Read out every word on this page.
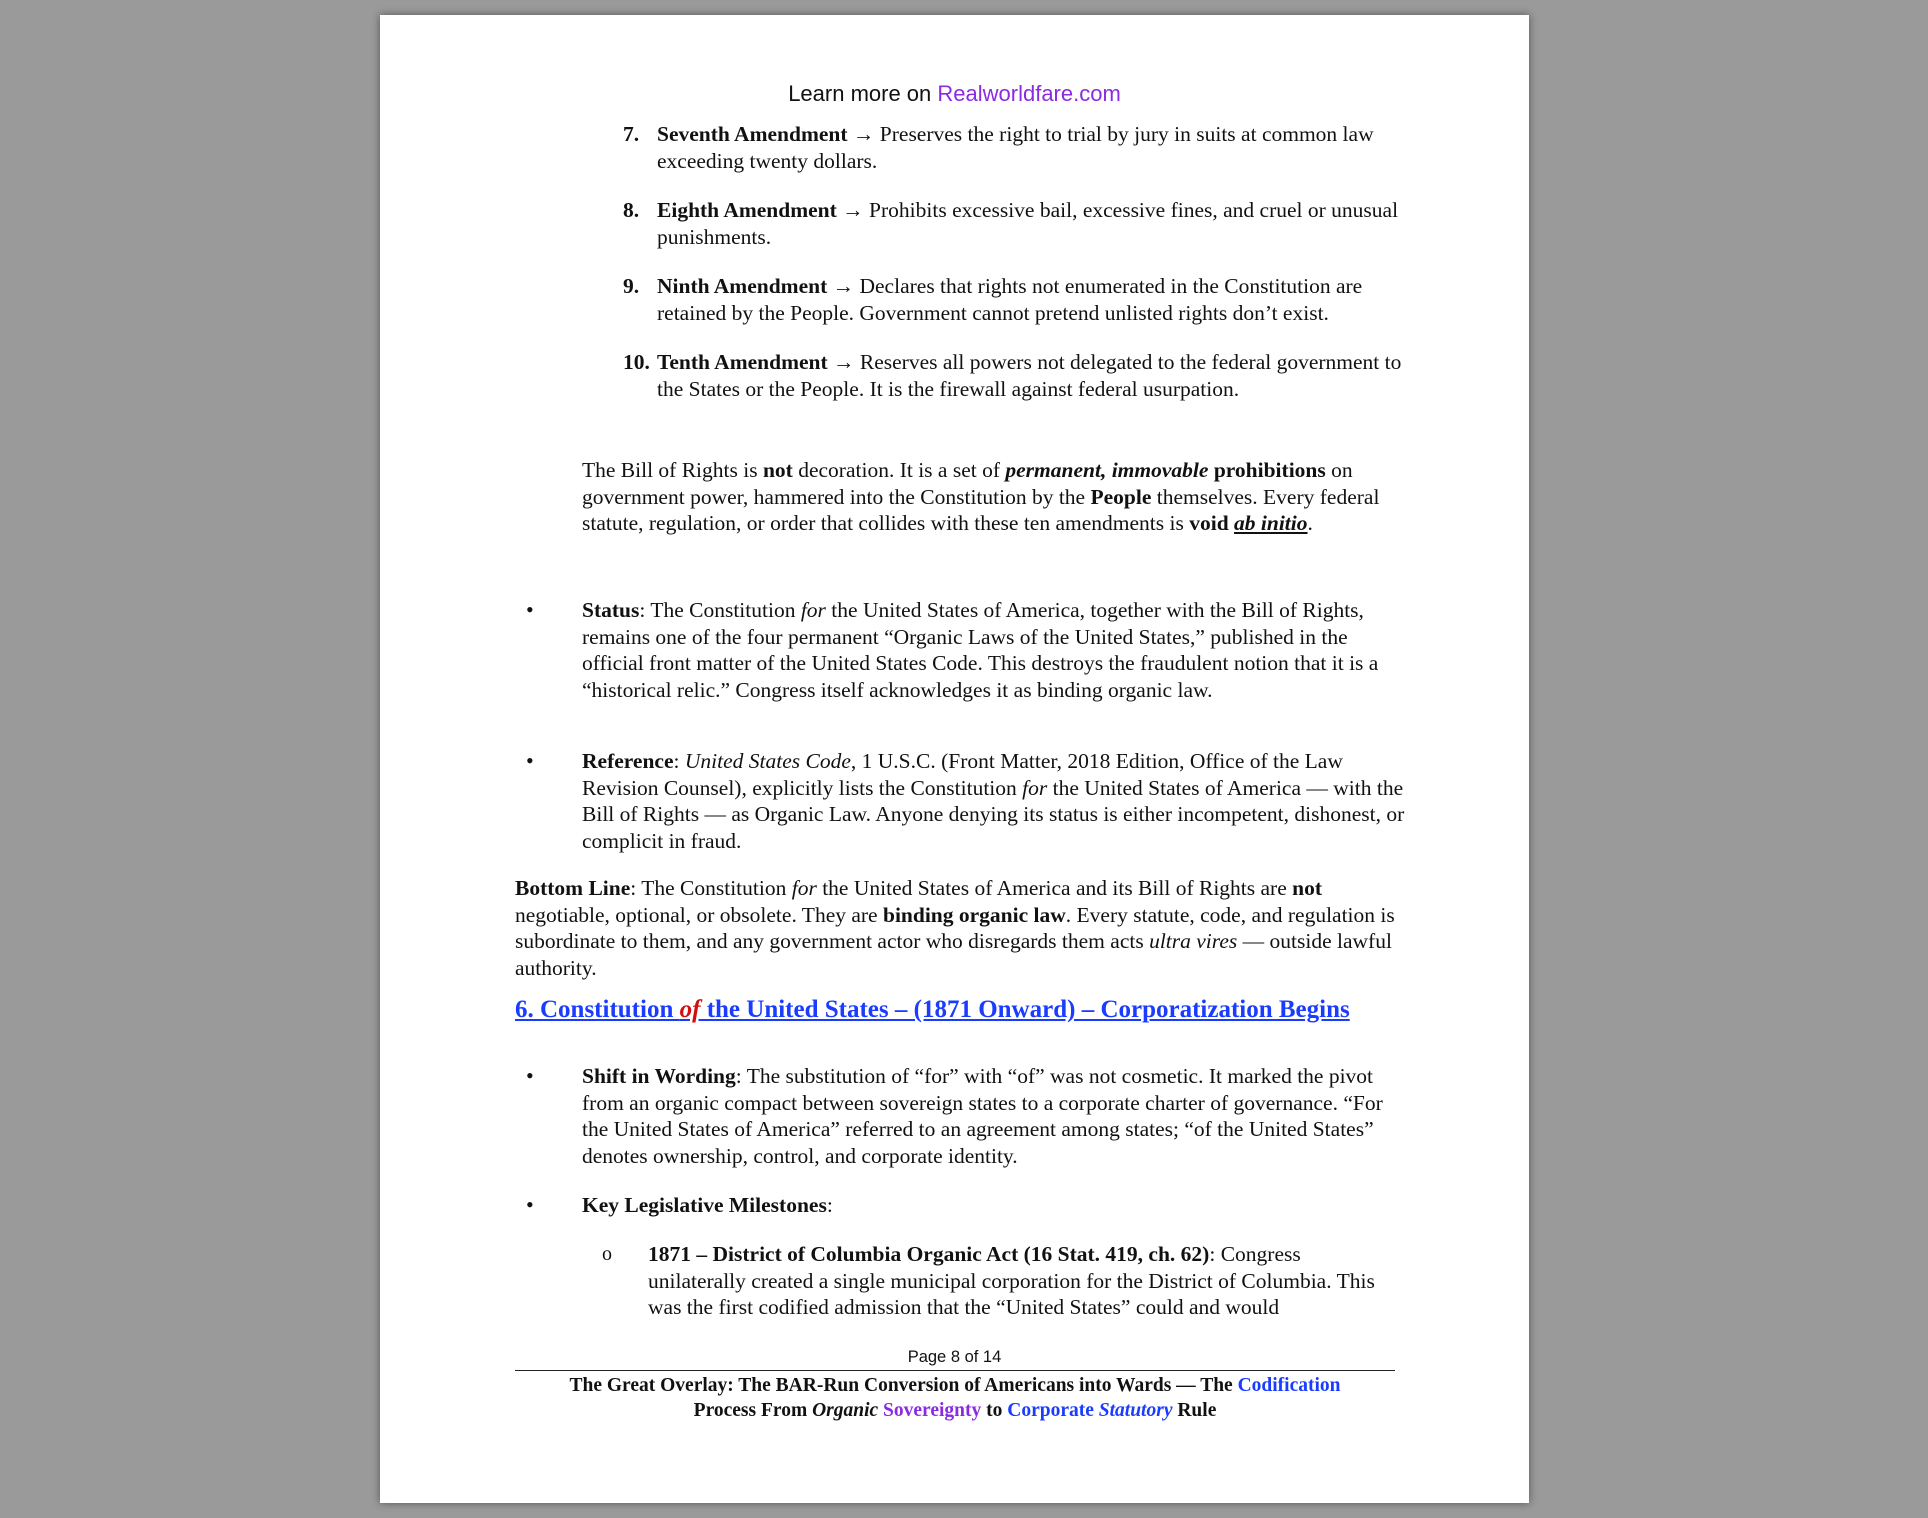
Learn more on Realworldfare.com
7. Seventh Amendment → Preserves the right to trial by jury in suits at common law exceeding twenty dollars.
8. Eighth Amendment → Prohibits excessive bail, excessive fines, and cruel or unusual punishments.
9. Ninth Amendment → Declares that rights not enumerated in the Constitution are retained by the People. Government cannot pretend unlisted rights don’t exist.
10. Tenth Amendment → Reserves all powers not delegated to the federal government to the States or the People. It is the firewall against federal usurpation.
The Bill of Rights is not decoration. It is a set of permanent, immovable prohibitions on government power, hammered into the Constitution by the People themselves. Every federal statute, regulation, or order that collides with these ten amendments is void ab initio.
• Status: The Constitution for the United States of America, together with the Bill of Rights, remains one of the four permanent “Organic Laws of the United States,” published in the official front matter of the United States Code. This destroys the fraudulent notion that it is a “historical relic.” Congress itself acknowledges it as binding organic law.
• Reference: United States Code, 1 U.S.C. (Front Matter, 2018 Edition, Office of the Law Revision Counsel), explicitly lists the Constitution for the United States of America — with the Bill of Rights — as Organic Law. Anyone denying its status is either incompetent, dishonest, or complicit in fraud.
Bottom Line: The Constitution for the United States of America and its Bill of Rights are not negotiable, optional, or obsolete. They are binding organic law. Every statute, code, and regulation is subordinate to them, and any government actor who disregards them acts ultra vires — outside lawful authority.
6. Constitution of the United States – (1871 Onward) – Corporatization Begins
• Shift in Wording: The substitution of “for” with “of” was not cosmetic. It marked the pivot from an organic compact between sovereign states to a corporate charter of governance. “For the United States of America” referred to an agreement among states; “of the United States” denotes ownership, control, and corporate identity.
• Key Legislative Milestones:
o 1871 – District of Columbia Organic Act (16 Stat. 419, ch. 62): Congress unilaterally created a single municipal corporation for the District of Columbia. This was the first codified admission that the “United States” could and would
Page 8 of 14
The Great Overlay: The BAR-Run Conversion of Americans into Wards — The Codification
Process From Organic Sovereignty to Corporate Statutory Rule
